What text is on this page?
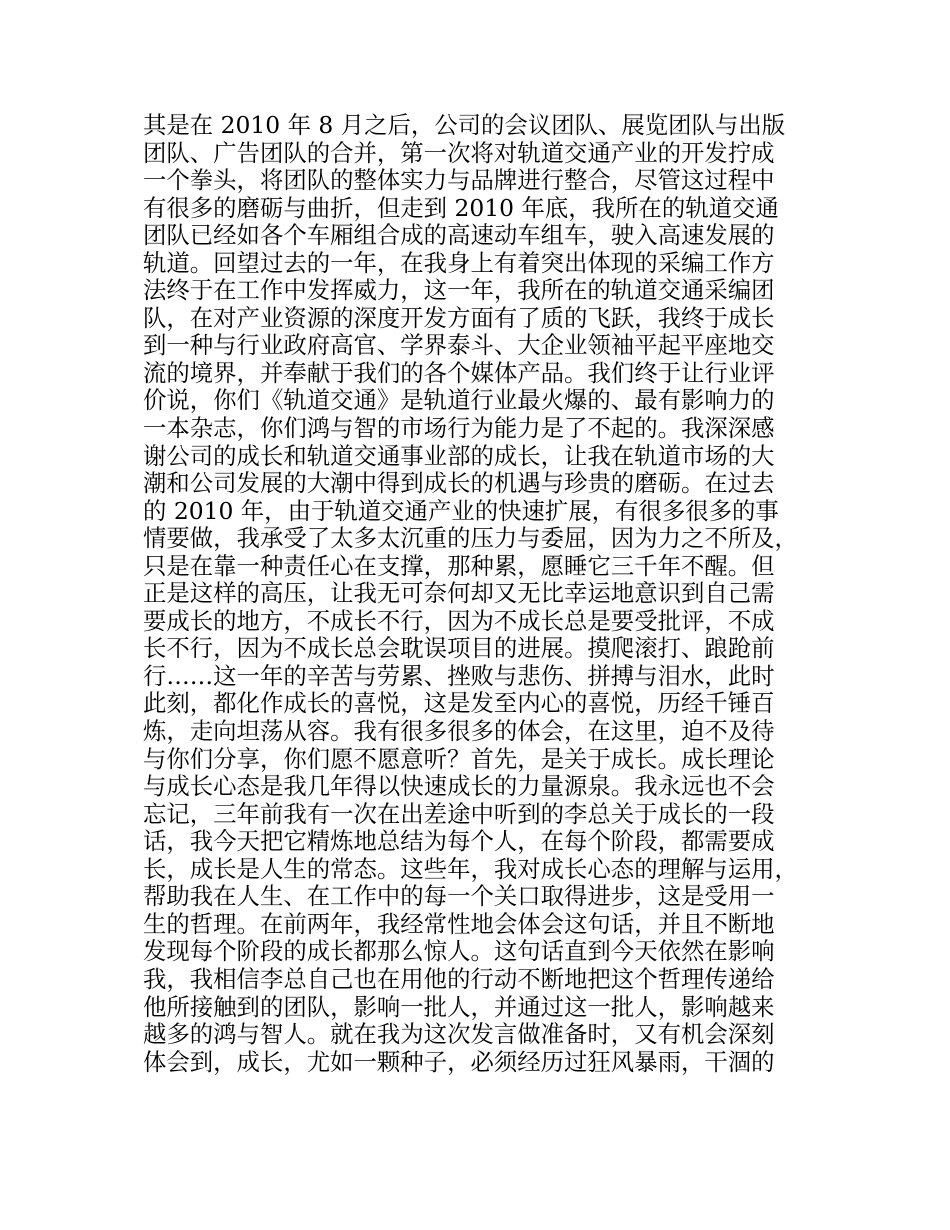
其是在 2010 年 8 月之后，公司的会议团队、展览团队与出版
团队、广告团队的合并，第一次将对轨道交通产业的开发拧成
一个拳头，将团队的整体实力与品牌进行整合，尽管这过程中
有很多的磨砺与曲折，但走到 2010 年底，我所在的轨道交通
团队已经如各个车厢组合成的高速动车组车，驶入高速发展的
轨道。回望过去的一年，在我身上有着突出体现的采编工作方
法终于在工作中发挥威力，这一年，我所在的轨道交通采编团
队，在对产业资源的深度开发方面有了质的飞跃，我终于成长
到一种与行业政府高官、学界泰斗、大企业领袖平起平座地交
流的境界，并奉献于我们的各个媒体产品。我们终于让行业评
价说，你们《轨道交通》是轨道行业最火爆的、最有影响力的
一本杂志，你们鸿与智的市场行为能力是了不起的。我深深感
谢公司的成长和轨道交通事业部的成长，让我在轨道市场的大
潮和公司发展的大潮中得到成长的机遇与珍贵的磨砺。在过去
的 2010 年，由于轨道交通产业的快速扩展，有很多很多的事
情要做，我承受了太多太沉重的压力与委屈，因为力之不所及，
只是在靠一种责任心在支撑，那种累，愿睡它三千年不醒。但
正是这样的高压，让我无可奈何却又无比幸运地意识到自己需
要成长的地方，不成长不行，因为不成长总是要受批评，不成
长不行，因为不成长总会耽误项目的进展。摸爬滚打、踉跄前
行……这一年的辛苦与劳累、挫败与悲伤、拼搏与泪水，此时
此刻，都化作成长的喜悦，这是发至内心的喜悦，历经千锤百
炼，走向坦荡从容。我有很多很多的体会，在这里，迫不及待
与你们分享，你们愿不愿意听？首先，是关于成长。成长理论
与成长心态是我几年得以快速成长的力量源泉。我永远也不会
忘记，三年前我有一次在出差途中听到的李总关于成长的一段
话，我今天把它精炼地总结为每个人，在每个阶段，都需要成
长，成长是人生的常态。这些年，我对成长心态的理解与运用，
帮助我在人生、在工作中的每一个关口取得进步，这是受用一
生的哲理。在前两年，我经常性地会体会这句话，并且不断地
发现每个阶段的成长都那么惊人。这句话直到今天依然在影响
我，我相信李总自己也在用他的行动不断地把这个哲理传递给
他所接触到的团队，影响一批人，并通过这一批人，影响越来
越多的鸿与智人。就在我为这次发言做准备时，又有机会深刻
体会到，成长，尤如一颗种子，必须经历过狂风暴雨，干涸的
